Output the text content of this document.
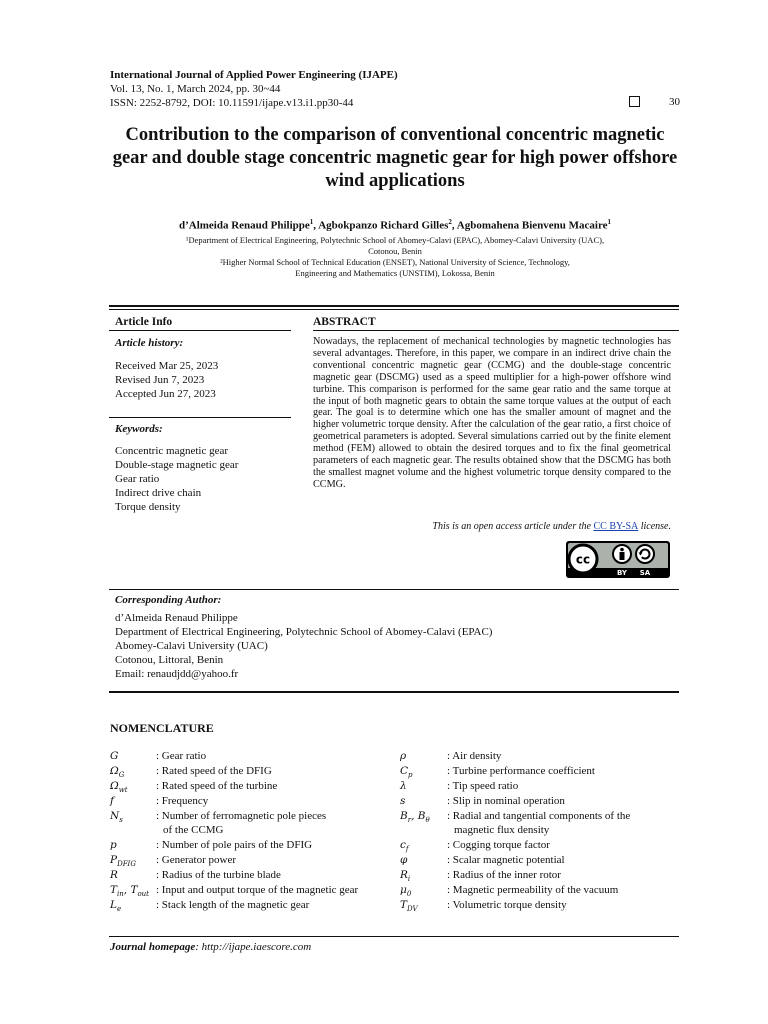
International Journal of Applied Power Engineering (IJAPE)
Vol. 13, No. 1, March 2024, pp. 30~44
ISSN: 2252-8792, DOI: 10.11591/ijape.v13.i1.pp30-44	30
Contribution to the comparison of conventional concentric magnetic gear and double stage concentric magnetic gear for high power offshore wind applications
d’Almeida Renaud Philippe$^1$, Agbokpanzo Richard Gilles$^2$, Agbomahena Bienvenu Macaire$^1$
¹Department of Electrical Engineering, Polytechnic School of Abomey-Calavi (EPAC), Abomey-Calavi University (UAC),
Cotonou, Benin
²Higher Normal School of Technical Education (ENSET), National University of Science, Technology,
Engineering and Mathematics (UNSTIM), Lokossa, Benin
Article Info
Article history:
Received Mar 25, 2023
Revised Jun 7, 2023
Accepted Jun 27, 2023
Keywords:
Concentric magnetic gear
Double-stage magnetic gear
Gear ratio
Indirect drive chain
Torque density
ABSTRACT
Nowadays, the replacement of mechanical technologies by magnetic technologies has several advantages. Therefore, in this paper, we compare in an indirect drive chain the conventional concentric magnetic gear (CCMG) and the double-stage concentric magnetic gear (DSCMG) used as a speed multiplier for a high-power offshore wind turbine. This comparison is performed for the same gear ratio and the same torque at the input of both magnetic gears to obtain the same torque values at the output of each gear. The goal is to determine which one has the smaller amount of magnet and the higher volumetric torque density. After the calculation of the gear ratio, a first choice of geometrical parameters is adopted. Several simulations carried out by the finite element method (FEM) allowed to obtain the desired torques and to fix the final geometrical parameters of each magnetic gear. The results obtained show that the DSCMG has both the smallest magnet volume and the highest volumetric torque density compared to the CCMG.
This is an open access article under the CC BY-SA license.
cc
BY SA
Corresponding Author:
d’Almeida Renaud Philippe
Department of Electrical Engineering, Polytechnic School of Abomey-Calavi (EPAC)
Abomey-Calavi University (UAC)
Cotonou, Littoral, Benin
Email: renaudjdd@yahoo.fr
NOMENCLATURE
G	: Gear ratio
$\Omega_G$	: Rated speed of the DFIG
$\Omega_{wt}$	: Rated speed of the turbine
f	: Frequency
$N_s$	: Number of ferromagnetic pole pieces
of the CCMG
p	: Number of pole pairs of the DFIG
$P_{DFIG}$ : Generator power
R	: Radius of the turbine blade
$T_{in}$, $T_{out}$ : Input and output torque of the magnetic gear
$L_e$	: Stack length of the magnetic gear
ρ	: Air density
$C_p$	: Turbine performance coefficient
λ	: Tip speed ratio
s	: Slip in nominal operation
$B_r$, $B_\theta$ : Radial and tangential components of the
magnetic flux density
$c_f$	: Cogging torque factor
φ	: Scalar magnetic potential
$R_i$	: Radius of the inner rotor
$\mu_0$	: Magnetic permeability of the vacuum
$T_{DV}$	: Volumetric torque density
Journal homepage: http://ijape.iaescore.com
